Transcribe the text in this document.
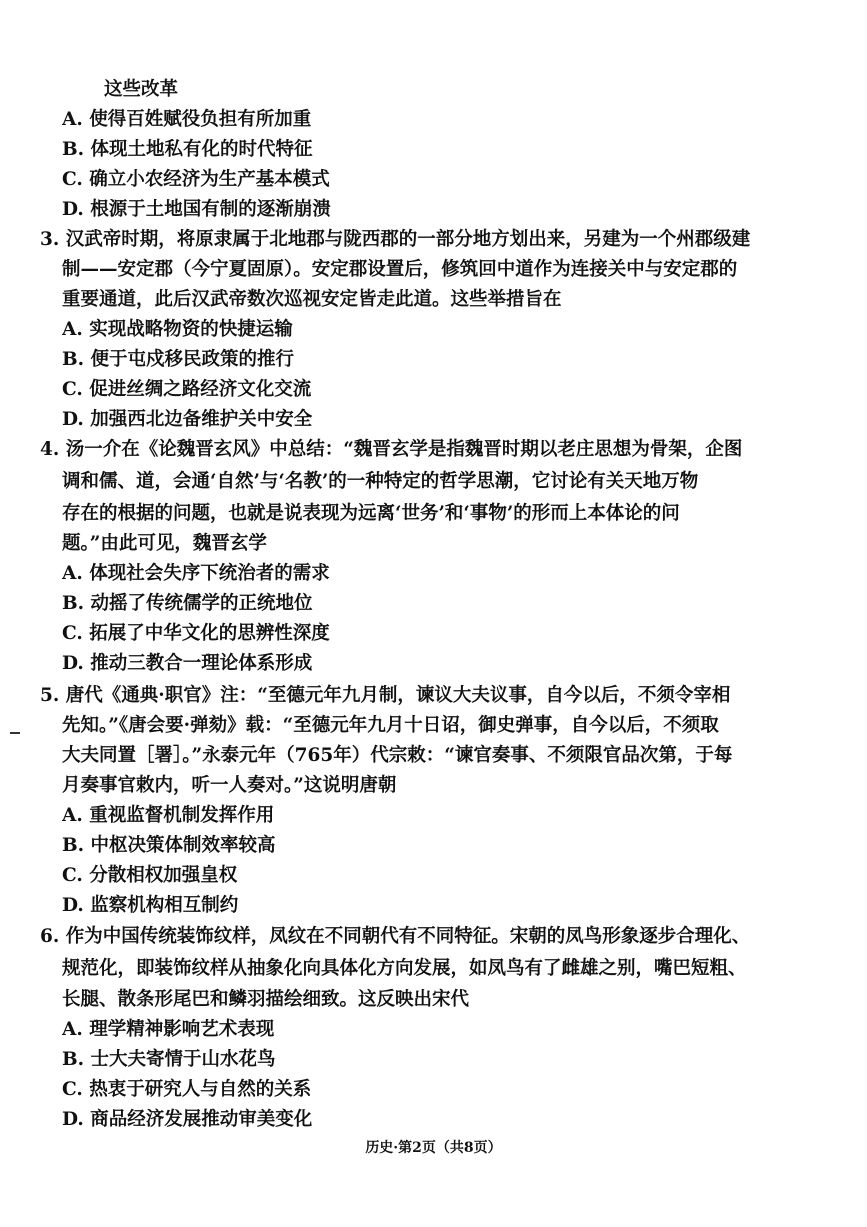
这些改革
A. 使得百姓赋役负担有所加重
B. 体现土地私有化的时代特征
C. 确立小农经济为生产基本模式
D. 根源于土地国有制的逐渐崩溃
3. 汉武帝时期，将原隶属于北地郡与陇西郡的一部分地方划出来，另建为一个州郡级建
制——安定郡（今宁夏固原）。安定郡设置后，修筑回中道作为连接关中与安定郡的
重要通道，此后汉武帝数次巡视安定皆走此道。这些举措旨在
A. 实现战略物资的快捷运输
B. 便于屯戍移民政策的推行
C. 促进丝绸之路经济文化交流
D. 加强西北边备维护关中安全
4. 汤一介在《论魏晋玄风》中总结：“魏晋玄学是指魏晋时期以老庄思想为骨架，企图
调和儒、道，会通‘自然’与‘名教’的一种特定的哲学思潮，它讨论有关天地万物
存在的根据的问题，也就是说表现为远离‘世务’和‘事物’的形而上本体论的问
题。”由此可见，魏晋玄学
A. 体现社会失序下统治者的需求
B. 动摇了传统儒学的正统地位
C. 拓展了中华文化的思辨性深度
D. 推动三教合一理论体系形成
5. 唐代《通典·职官》注：“至德元年九月制，谏议大夫议事，自今以后，不须令宰相
先知。”《唐会要·弹劾》载：“至德元年九月十日诏，御史弹事，自今以后，不须取
大夫同置［署］。”永泰元年（765年）代宗敕：“谏官奏事、不须限官品次第，于每
月奏事官敕内，听一人奏对。”这说明唐朝
A. 重视监督机制发挥作用
B. 中枢决策体制效率较高
C. 分散相权加强皇权
D. 监察机构相互制约
6. 作为中国传统装饰纹样，凤纹在不同朝代有不同特征。宋朝的凤鸟形象逐步合理化、
规范化，即装饰纹样从抽象化向具体化方向发展，如凤鸟有了雌雄之别，嘴巴短粗、
长腿、散条形尾巴和鳞羽描绘细致。这反映出宋代
A. 理学精神影响艺术表现
B. 士大夫寄情于山水花鸟
C. 热衷于研究人与自然的关系
D. 商品经济发展推动审美变化
历史·第2页（共8页）
